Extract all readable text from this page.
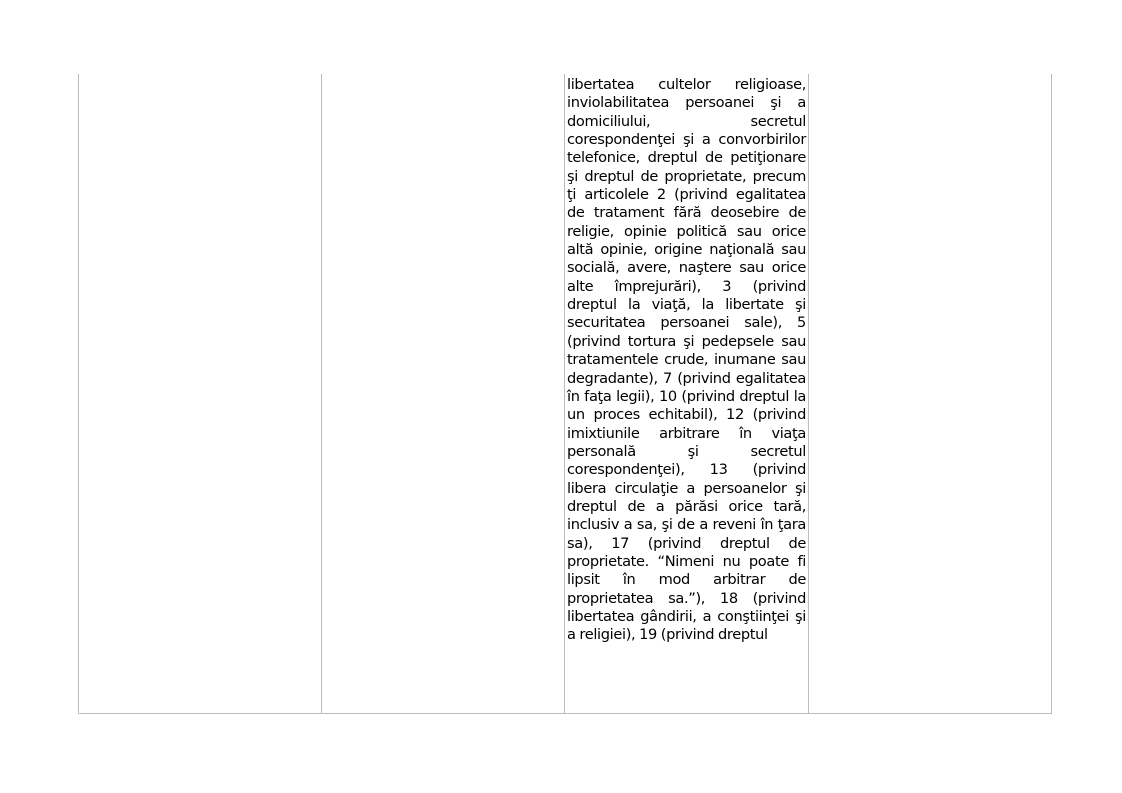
libertatea cultelor religioase, inviolabilitatea persoanei şi a domiciliului, secretul corespondenţei şi a convorbirilor telefonice, dreptul de petiţionare şi dreptul de proprietate, precum ţi articolele 2 (privind egalitatea de tratament fără deosebire de religie, opinie politică sau orice altă opinie, origine naţională sau socială, avere, naştere sau orice alte împrejurări), 3 (privind dreptul la viaţă, la libertate şi securitatea persoanei sale), 5 (privind tortura şi pedepsele sau tratamentele crude, inumane sau degradante), 7 (privind egalitatea în faţa legii), 10 (privind dreptul la un proces echitabil), 12 (privind imixtiunile arbitrare în viaţa personală şi secretul corespondenţei), 13 (privind libera circulaţie a persoanelor şi dreptul de a părăsi orice tară, inclusiv a sa, şi de a reveni în ţara sa), 17 (privind dreptul de proprietate. “Nimeni nu poate fi lipsit în mod arbitrar de proprietatea sa.”), 18 (privind libertatea gândirii, a conştiinţei şi a religiei), 19 (privind dreptul
